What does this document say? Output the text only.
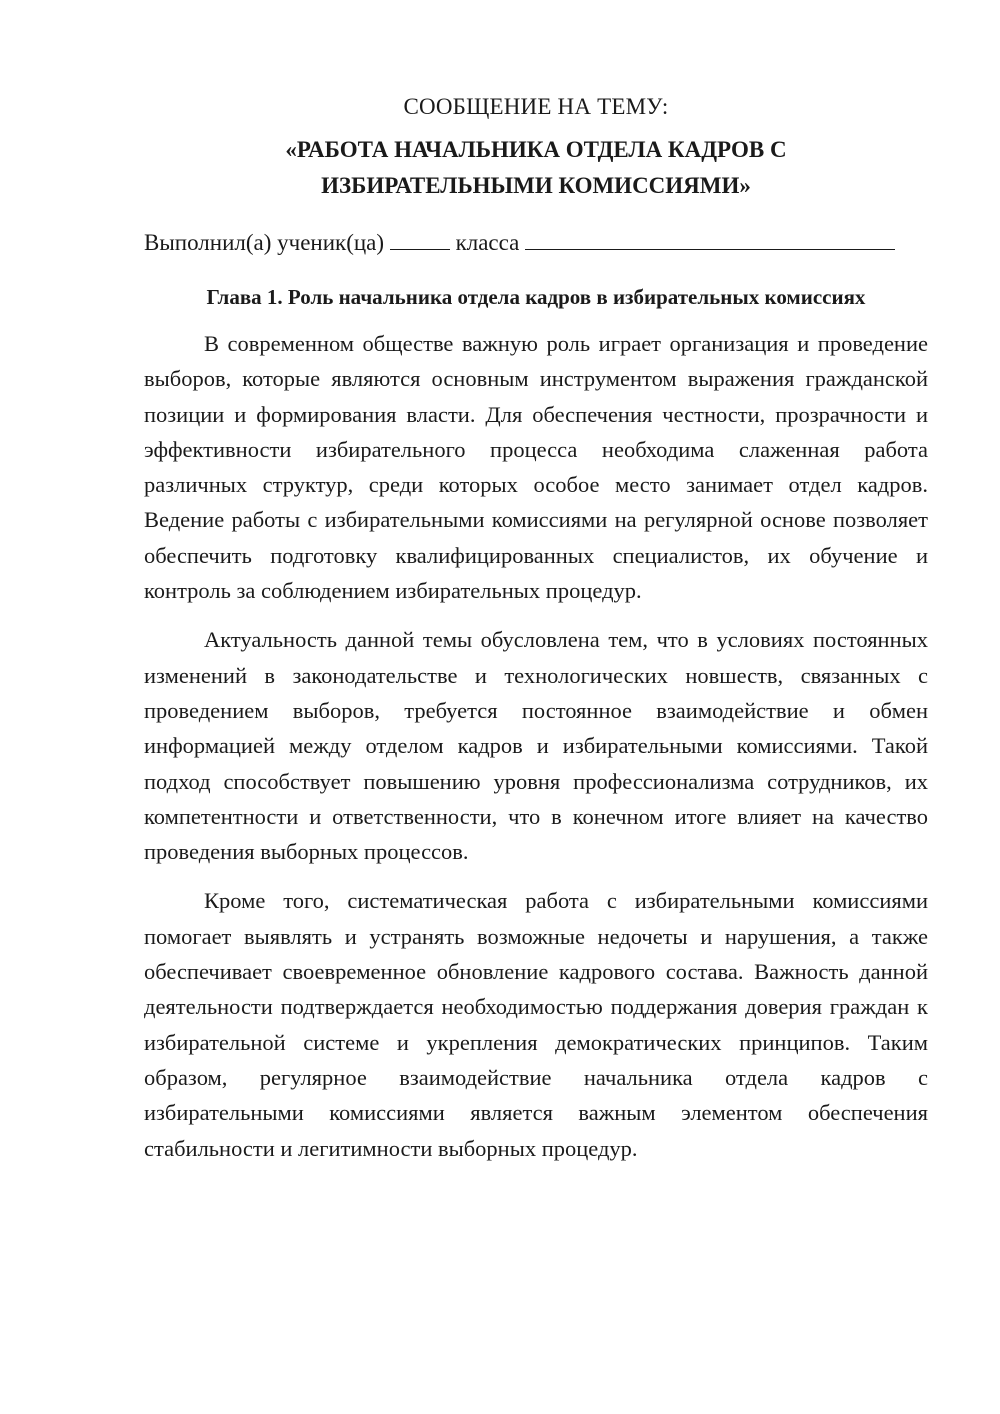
СООБЩЕНИЕ НА ТЕМУ:

«РАБОТА НАЧАЛЬНИКА ОТДЕЛА КАДРОВ С
ИЗБИРАТЕЛЬНЫМИ КОМИССИЯМИ»

Выполнил(а) ученик(ца)	класса

Глава 1. Роль начальника отдела кадров в избирательных комиссиях

В современном обществе важную роль играет организация и проведение выборов, которые являются основным инструментом выражения гражданской позиции и формирования власти. Для обеспечения честности, прозрачности и эффективности избирательного процесса необходима слаженная работа различных структур, среди которых особое место занимает отдел кадров. Ведение работы с избирательными комиссиями на регулярной основе позволяет обеспечить подготовку квалифицированных специалистов, их обучение и контроль за соблюдением избирательных процедур.

Актуальность данной темы обусловлена тем, что в условиях постоянных изменений в законодательстве и технологических новшеств, связанных с проведением выборов, требуется постоянное взаимодействие и обмен информацией между отделом кадров и избирательными комиссиями. Такой подход способствует повышению уровня профессионализма сотрудников, их компетентности и ответственности, что в конечном итоге влияет на качество проведения выборных процессов.

Кроме того, систематическая работа с избирательными комиссиями помогает выявлять и устранять возможные недочеты и нарушения, а также обеспечивает своевременное обновление кадрового состава. Важность данной деятельности подтверждается необходимостью поддержания доверия граждан к избирательной системе и укрепления демократических принципов. Таким образом, регулярное взаимодействие начальника отдела кадров с избирательными комиссиями является важным элементом обеспечения стабильности и легитимности выборных процедур.
